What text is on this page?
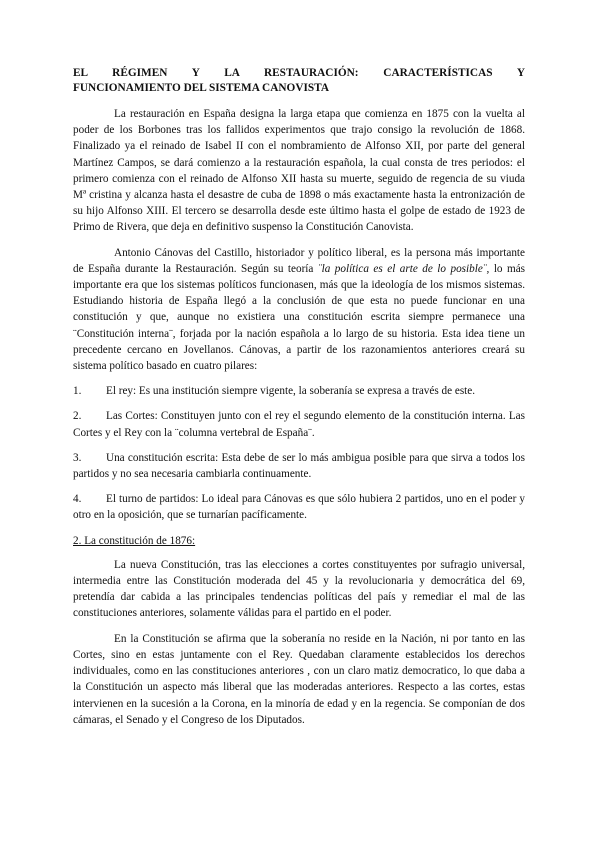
EL RÉGIMEN Y LA RESTAURACIÓN: CARACTERÍSTICAS Y
FUNCIONAMIENTO DEL SISTEMA CANOVISTA

La restauración en España designa la larga etapa que comienza en 1875 con la vuelta al poder de los Borbones tras los fallidos experimentos que trajo consigo la revolución de 1868. Finalizado ya el reinado de Isabel II con el nombramiento de Alfonso XII, por parte del general Martínez Campos, se dará comienzo a la restauración española, la cual consta de tres periodos: el primero comienza con el reinado de Alfonso XII hasta su muerte, seguido de regencia de su viuda Mª cristina y alcanza hasta el desastre de cuba de 1898 o más exactamente hasta la entronización de su hijo Alfonso XIII. El tercero se desarrolla desde este último hasta el golpe de estado de 1923 de Primo de Rivera, que deja en definitivo suspenso la Constitución Canovista.

Antonio Cánovas del Castillo, historiador y político liberal, es la persona más importante de España durante la Restauración. Según su teoría ¨la política es el arte de lo posible¨, lo más importante era que los sistemas políticos funcionasen, más que la ideología de los mismos sistemas. Estudiando historia de España llegó a la conclusión de que esta no puede funcionar en una constitución y que, aunque no existiera una constitución escrita siempre permanece una ¨Constitución interna¨, forjada por la nación española a lo largo de su historia. Esta idea tiene un precedente cercano en Jovellanos. Cánovas, a partir de los razonamientos anteriores creará su sistema político basado en cuatro pilares:

1. El rey: Es una institución siempre vigente, la soberanía se expresa a través de este.
2. Las Cortes: Constituyen junto con el rey el segundo elemento de la constitución interna. Las Cortes y el Rey con la ¨columna vertebral de España¨.
3. Una constitución escrita: Esta debe de ser lo más ambigua posible para que sirva a todos los partidos y no sea necesaria cambiarla continuamente.
4. El turno de partidos: Lo ideal para Cánovas es que sólo hubiera 2 partidos, uno en el poder y otro en la oposición, que se turnarían pacíficamente.
2. La constitución de 1876:

La nueva Constitución, tras las elecciones a cortes constituyentes por sufragio universal, intermedia entre las Constitución moderada del 45 y la revolucionaria y democrática del 69, pretendía dar cabida a las principales tendencias políticas del país y remediar el mal de las constituciones anteriores, solamente válidas para el partido en el poder.

En la Constitución se afirma que la soberanía no reside en la Nación, ni por tanto en las Cortes, sino en estas juntamente con el Rey. Quedaban claramente establecidos los derechos individuales, como en las constituciones anteriores , con un claro matiz democratico, lo que daba a la Constitución un aspecto más liberal que las moderadas anteriores. Respecto a las cortes, estas intervienen en la sucesión a la Corona, en la minoría de edad y en la regencia. Se componían de dos cámaras, el Senado y el Congreso de los Diputados.
